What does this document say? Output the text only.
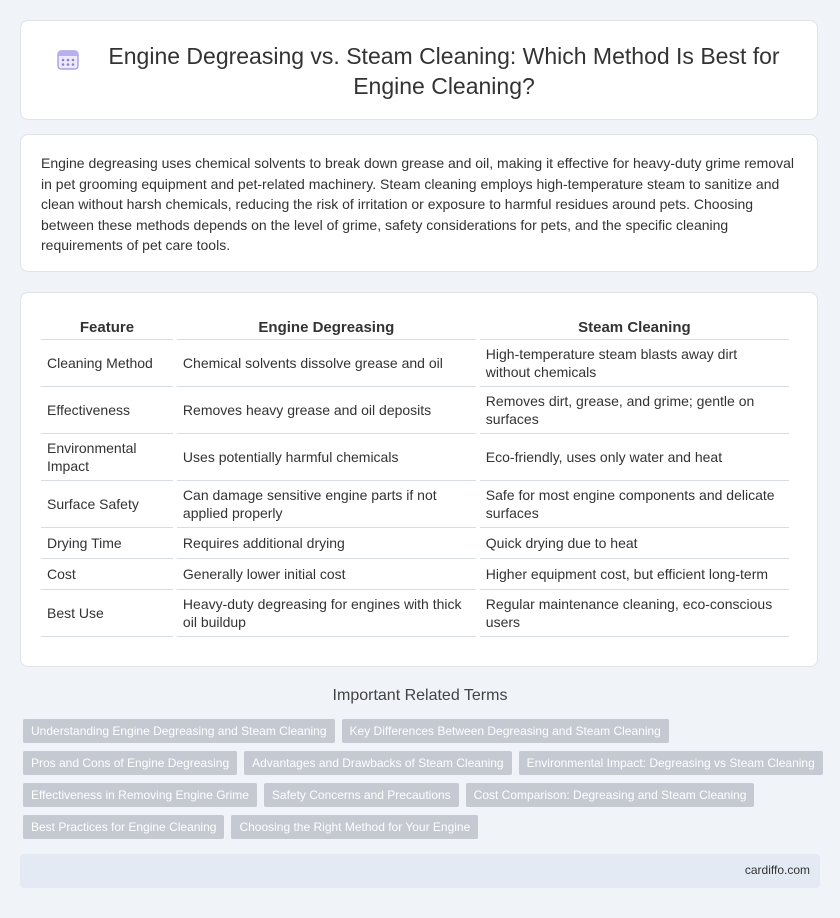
Engine Degreasing vs. Steam Cleaning: Which Method Is Best for Engine Cleaning?

Engine degreasing uses chemical solvents to break down grease and oil, making it effective for heavy-duty grime removal in pet grooming equipment and pet-related machinery. Steam cleaning employs high-temperature steam to sanitize and clean without harsh chemicals, reducing the risk of irritation or exposure to harmful residues around pets. Choosing between these methods depends on the level of grime, safety considerations for pets, and the specific cleaning requirements of pet care tools.

Feature	Engine Degreasing	Steam Cleaning
Cleaning Method	Chemical solvents dissolve grease and oil	High-temperature steam blasts away dirt without chemicals
Effectiveness	Removes heavy grease and oil deposits	Removes dirt, grease, and grime; gentle on surfaces
Environmental Impact	Uses potentially harmful chemicals	Eco-friendly, uses only water and heat
Surface Safety	Can damage sensitive engine parts if not applied properly	Safe for most engine components and delicate surfaces
Drying Time	Requires additional drying	Quick drying due to heat
Cost	Generally lower initial cost	Higher equipment cost, but efficient long-term
Best Use	Heavy-duty degreasing for engines with thick oil buildup	Regular maintenance cleaning, eco-conscious users
Important Related Terms
Understanding Engine Degreasing and Steam Cleaning	Key Differences Between Degreasing and Steam Cleaning
Pros and Cons of Engine Degreasing	Advantages and Drawbacks of Steam Cleaning	Environmental Impact: Degreasing vs Steam Cleaning
Effectiveness in Removing Engine Grime	Safety Concerns and Precautions	Cost Comparison: Degreasing and Steam Cleaning
Best Practices for Engine Cleaning	Choosing the Right Method for Your Engine
cardiffo.com
